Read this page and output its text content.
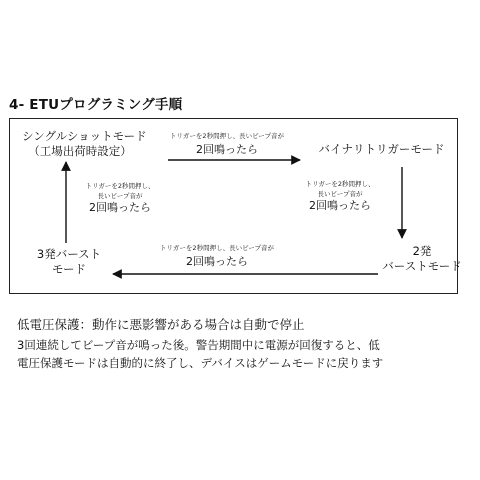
4- ETUプログラミング手順
シングルショットモード
（工場出荷時設定）	バイナリトリガーモード
2発
バーストモード
3発バースト
モード
トリガーを2秒間押し、長いビープ音が
2回鳴ったら
トリガーを2秒間押し、
長いビープ音が
2回鳴ったら
トリガーを2秒間押し、長いビープ音が
2回鳴ったら
トリガーを2秒間押し、
長いビープ音が
2回鳴ったら
低電圧保護：動作に悪影響がある場合は自動で停止
3回連続してビープ音が鳴った後。警告期間中に電源が回復すると、低
電圧保護モードは自動的に終了し、デバイスはゲームモードに戻ります
